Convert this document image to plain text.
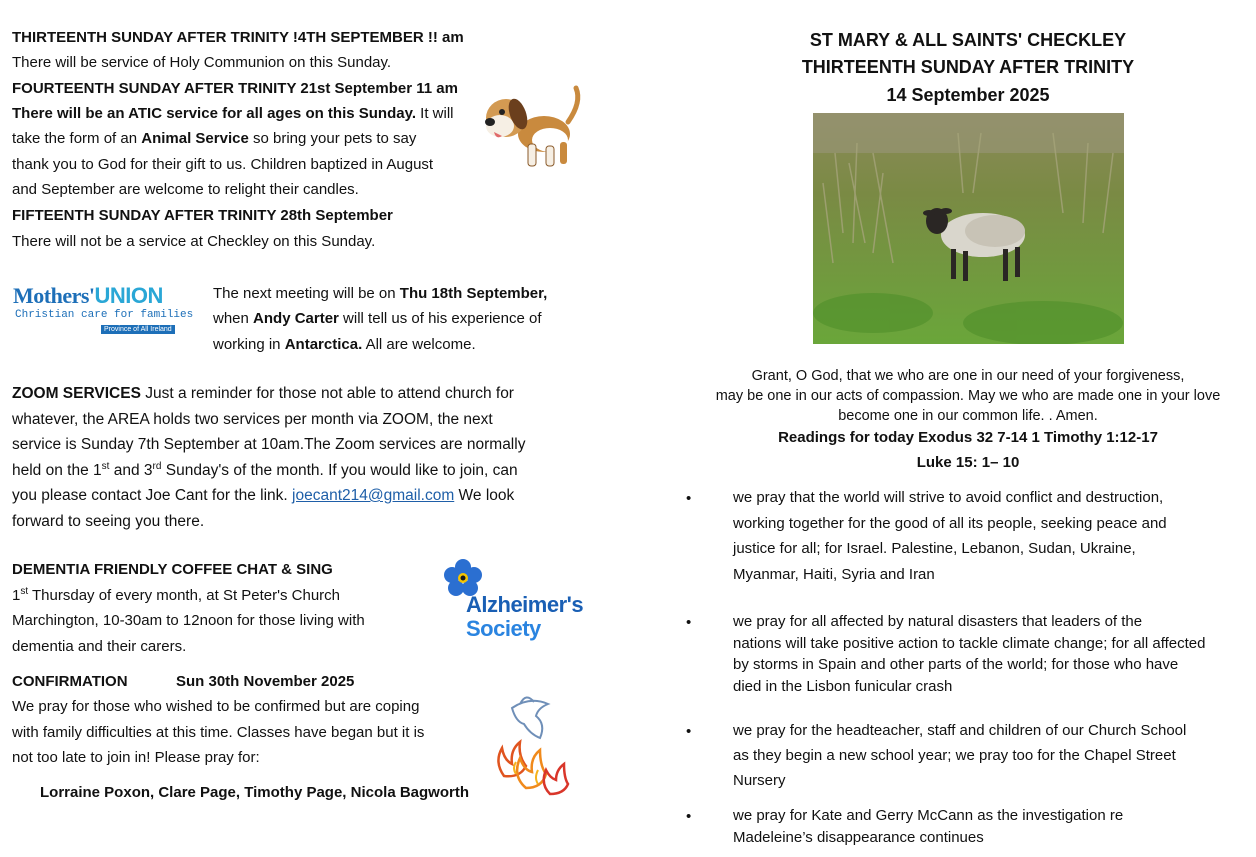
THIRTEENTH SUNDAY AFTER TRINITY !4TH SEPTEMBER !! am
There will be service of Holy Communion on this Sunday.
FOURTEENTH SUNDAY AFTER TRINITY 21st September 11 am
There will be an ATIC service for all ages on this Sunday. It will
take the form of an Animal Service so bring your pets to say
thank you to God for their gift to us. Children baptized in August
and September are welcome to relight their candles.
FIFTEENTH SUNDAY AFTER TRINITY 28th September
There will not be a service at Checkley on this Sunday.
Mothers'UNION
Christian care for families
Province of All Ireland
The next meeting will be on Thu 18th September,
when Andy Carter will tell us of his experience of
working in Antarctica. All are welcome.
ZOOM SERVICES Just a reminder for those not able to attend church for
whatever, the AREA holds two services per month via ZOOM, the next
service is Sunday 7th September at 10am.The Zoom services are normally
held on the 1st and 3rd Sunday's of the month. If you would like to join, can
you please contact Joe Cant for the link. joecant214@gmail.com We look
forward to seeing you there.
DEMENTIA FRIENDLY COFFEE CHAT & SING
1st Thursday of every month, at St Peter's Church
Marchington, 10-30am to 12noon for those living with
dementia and their carers.
Alzheimer's
Society
CONFIRMATION	Sun 30th November 2025
We pray for those who wished to be confirmed but are coping
with family difficulties at this time. Classes have began but it is
not too late to join in! Please pray for:
Lorraine Poxon, Clare Page, Timothy Page, Nicola Bagworth
ST MARY & ALL SAINTS' CHECKLEY
THIRTEENTH SUNDAY AFTER TRINITY
14 September 2025
Grant, O God, that we who are one in our need of your forgiveness,
may be one in our acts of compassion. May we who are made one in your love
become one in our common life. . Amen.
Readings for today Exodus 32 7-14 1 Timothy 1:12-17
Luke 15: 1– 10
•	we pray that the world will strive to avoid conflict and destruction,
working together for the good of all its people, seeking peace and
justice for all; for Israel. Palestine, Lebanon, Sudan, Ukraine,
Myanmar, Haiti, Syria and Iran
•	we pray for all affected by natural disasters that leaders of the
nations will take positive action to tackle climate change; for all affected
by storms in Spain and other parts of the world; for those who have
died in the Lisbon funicular crash
•	we pray for the headteacher, staff and children of our Church School
as they begin a new school year; we pray too for the Chapel Street
Nursery
•	we pray for Kate and Gerry McCann as the investigation re
Madeleine’s disappearance continues
